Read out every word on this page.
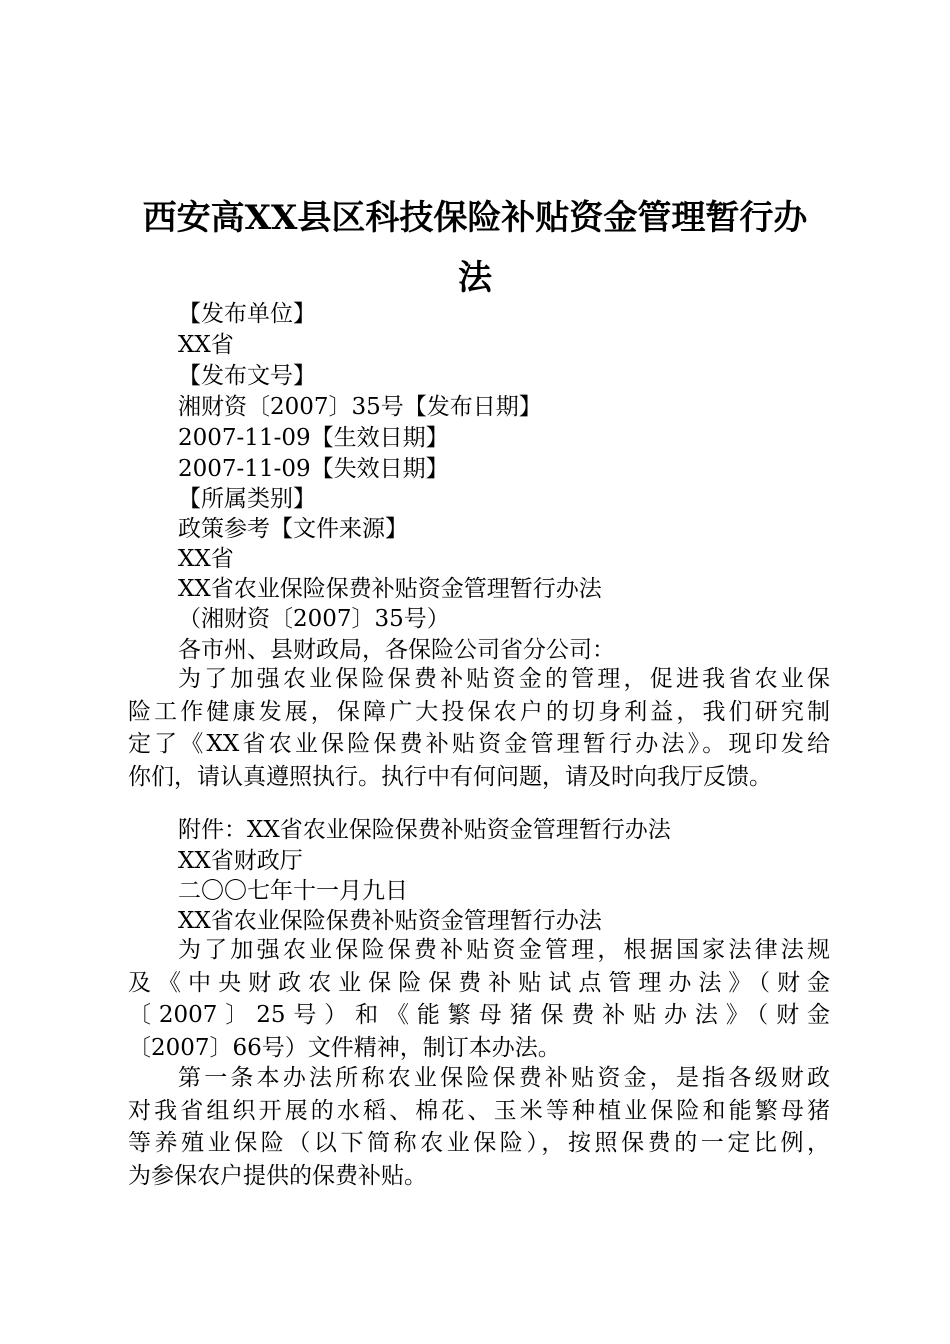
西安高XX县区科技保险补贴资金管理暂行办
法
【发布单位】
XX省
【发布文号】
湘财资〔2007〕35号【发布日期】
2007-11-09【生效日期】
2007-11-09【失效日期】
【所属类别】
政策参考【文件来源】
XX省
XX省农业保险保费补贴资金管理暂行办法
（湘财资〔2007〕35号）
各市州、县财政局，各保险公司省分公司：
为了加强农业保险保费补贴资金的管理，促进我省农业保
险工作健康发展，保障广大投保农户的切身利益，我们研究制
定了《XX省农业保险保费补贴资金管理暂行办法》。现印发给
你们，请认真遵照执行。执行中有何问题，请及时向我厅反馈。
附件：XX省农业保险保费补贴资金管理暂行办法
XX省财政厅
二〇〇七年十一月九日
XX省农业保险保费补贴资金管理暂行办法
为了加强农业保险保费补贴资金管理，根据国家法律法规
及《中央财政农业保险保费补贴试点管理办法》（财金
〔2007〕25号）和《能繁母猪保费补贴办法》（财金
〔2007〕66号）文件精神，制订本办法。
第一条本办法所称农业保险保费补贴资金，是指各级财政
对我省组织开展的水稻、棉花、玉米等种植业保险和能繁母猪
等养殖业保险（以下简称农业保险），按照保费的一定比例，
为参保农户提供的保费补贴。
